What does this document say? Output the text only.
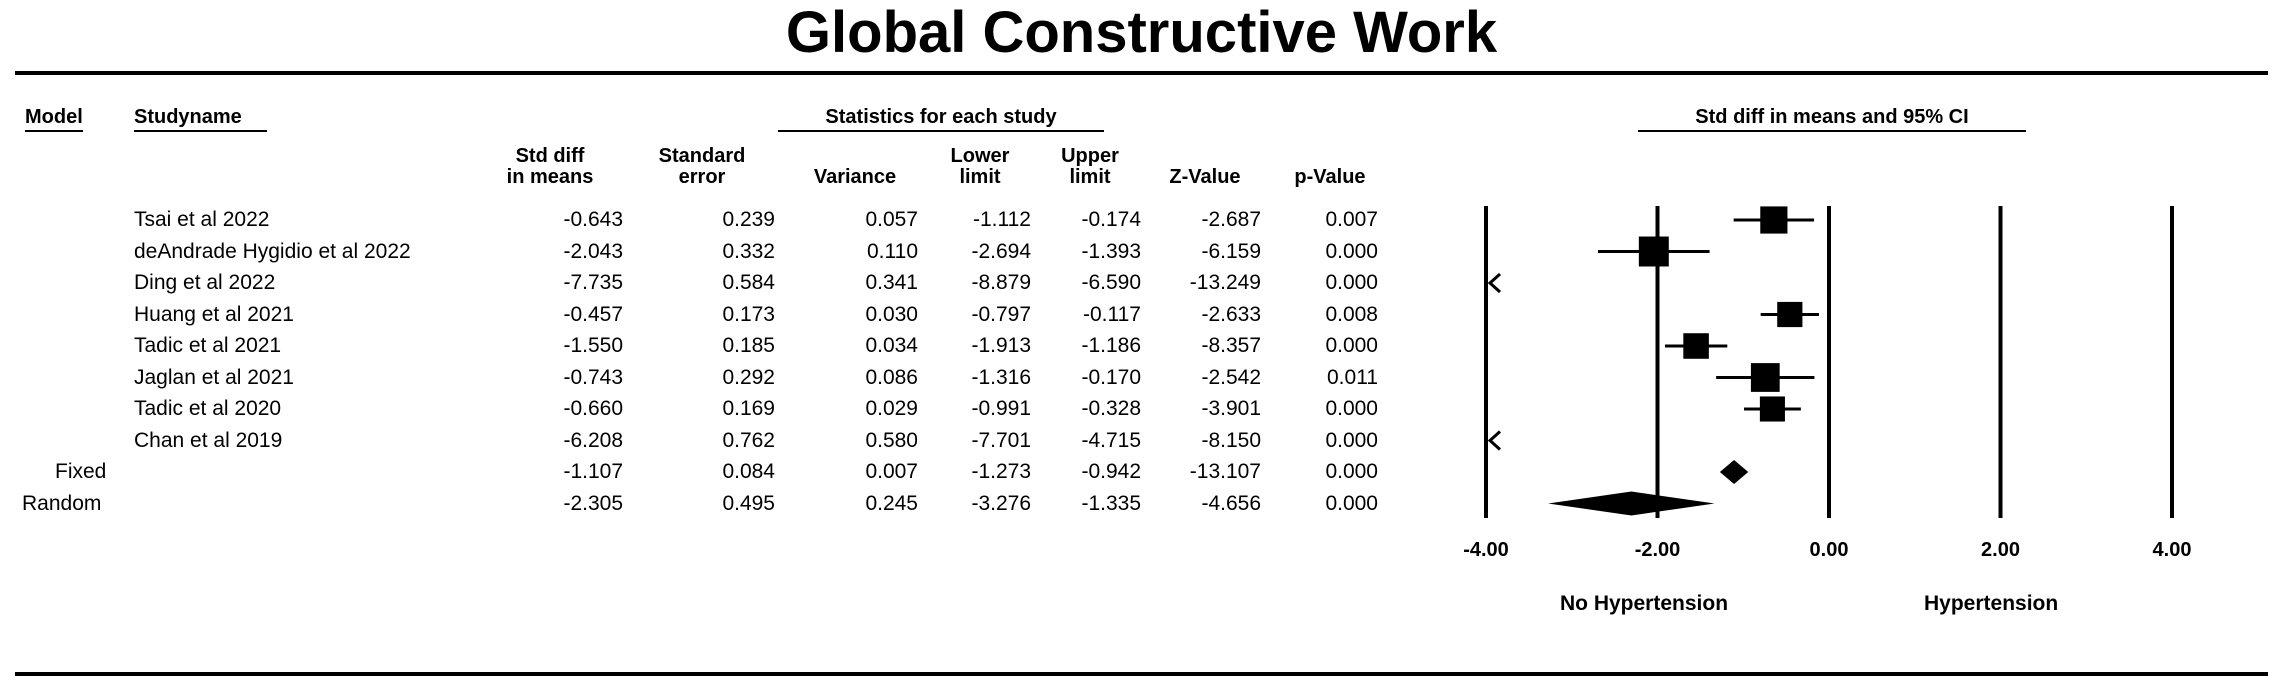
Global Constructive Work
Model	Studyname	Statistics for each study	Std diff in means and 95% CI
Std diff
in means
Standard
error	Variance
Lower
limit
Upper
limit	Z-Value	p-Value
Tsai et al 2022	-0.643	0.239	0.057	-1.112	-0.174	-2.687	0.007
deAndrade Hygidio et al 2022	-2.043	0.332	0.110	-2.694	-1.393	-6.159	0.000
Ding et al 2022	-7.735	0.584	0.341	-8.879	-6.590	-13.249	0.000
Huang et al 2021	-0.457	0.173	0.030	-0.797	-0.117	-2.633	0.008
Tadic et al 2021	-1.550	0.185	0.034	-1.913	-1.186	-8.357	0.000
Jaglan et al 2021	-0.743	0.292	0.086	-1.316	-0.170	-2.542	0.011
Tadic et al 2020	-0.660	0.169	0.029	-0.991	-0.328	-3.901	0.000
Chan et al 2019	-6.208	0.762	0.580	-7.701	-4.715	-8.150	0.000
Fixed	-1.107	0.084	0.007	-1.273	-0.942	-13.107	0.000
Random	-2.305	0.495	0.245	-3.276	-1.335	-4.656	0.000
-4.00	-2.00	0.00	2.00	4.00
No Hypertension	Hypertension
